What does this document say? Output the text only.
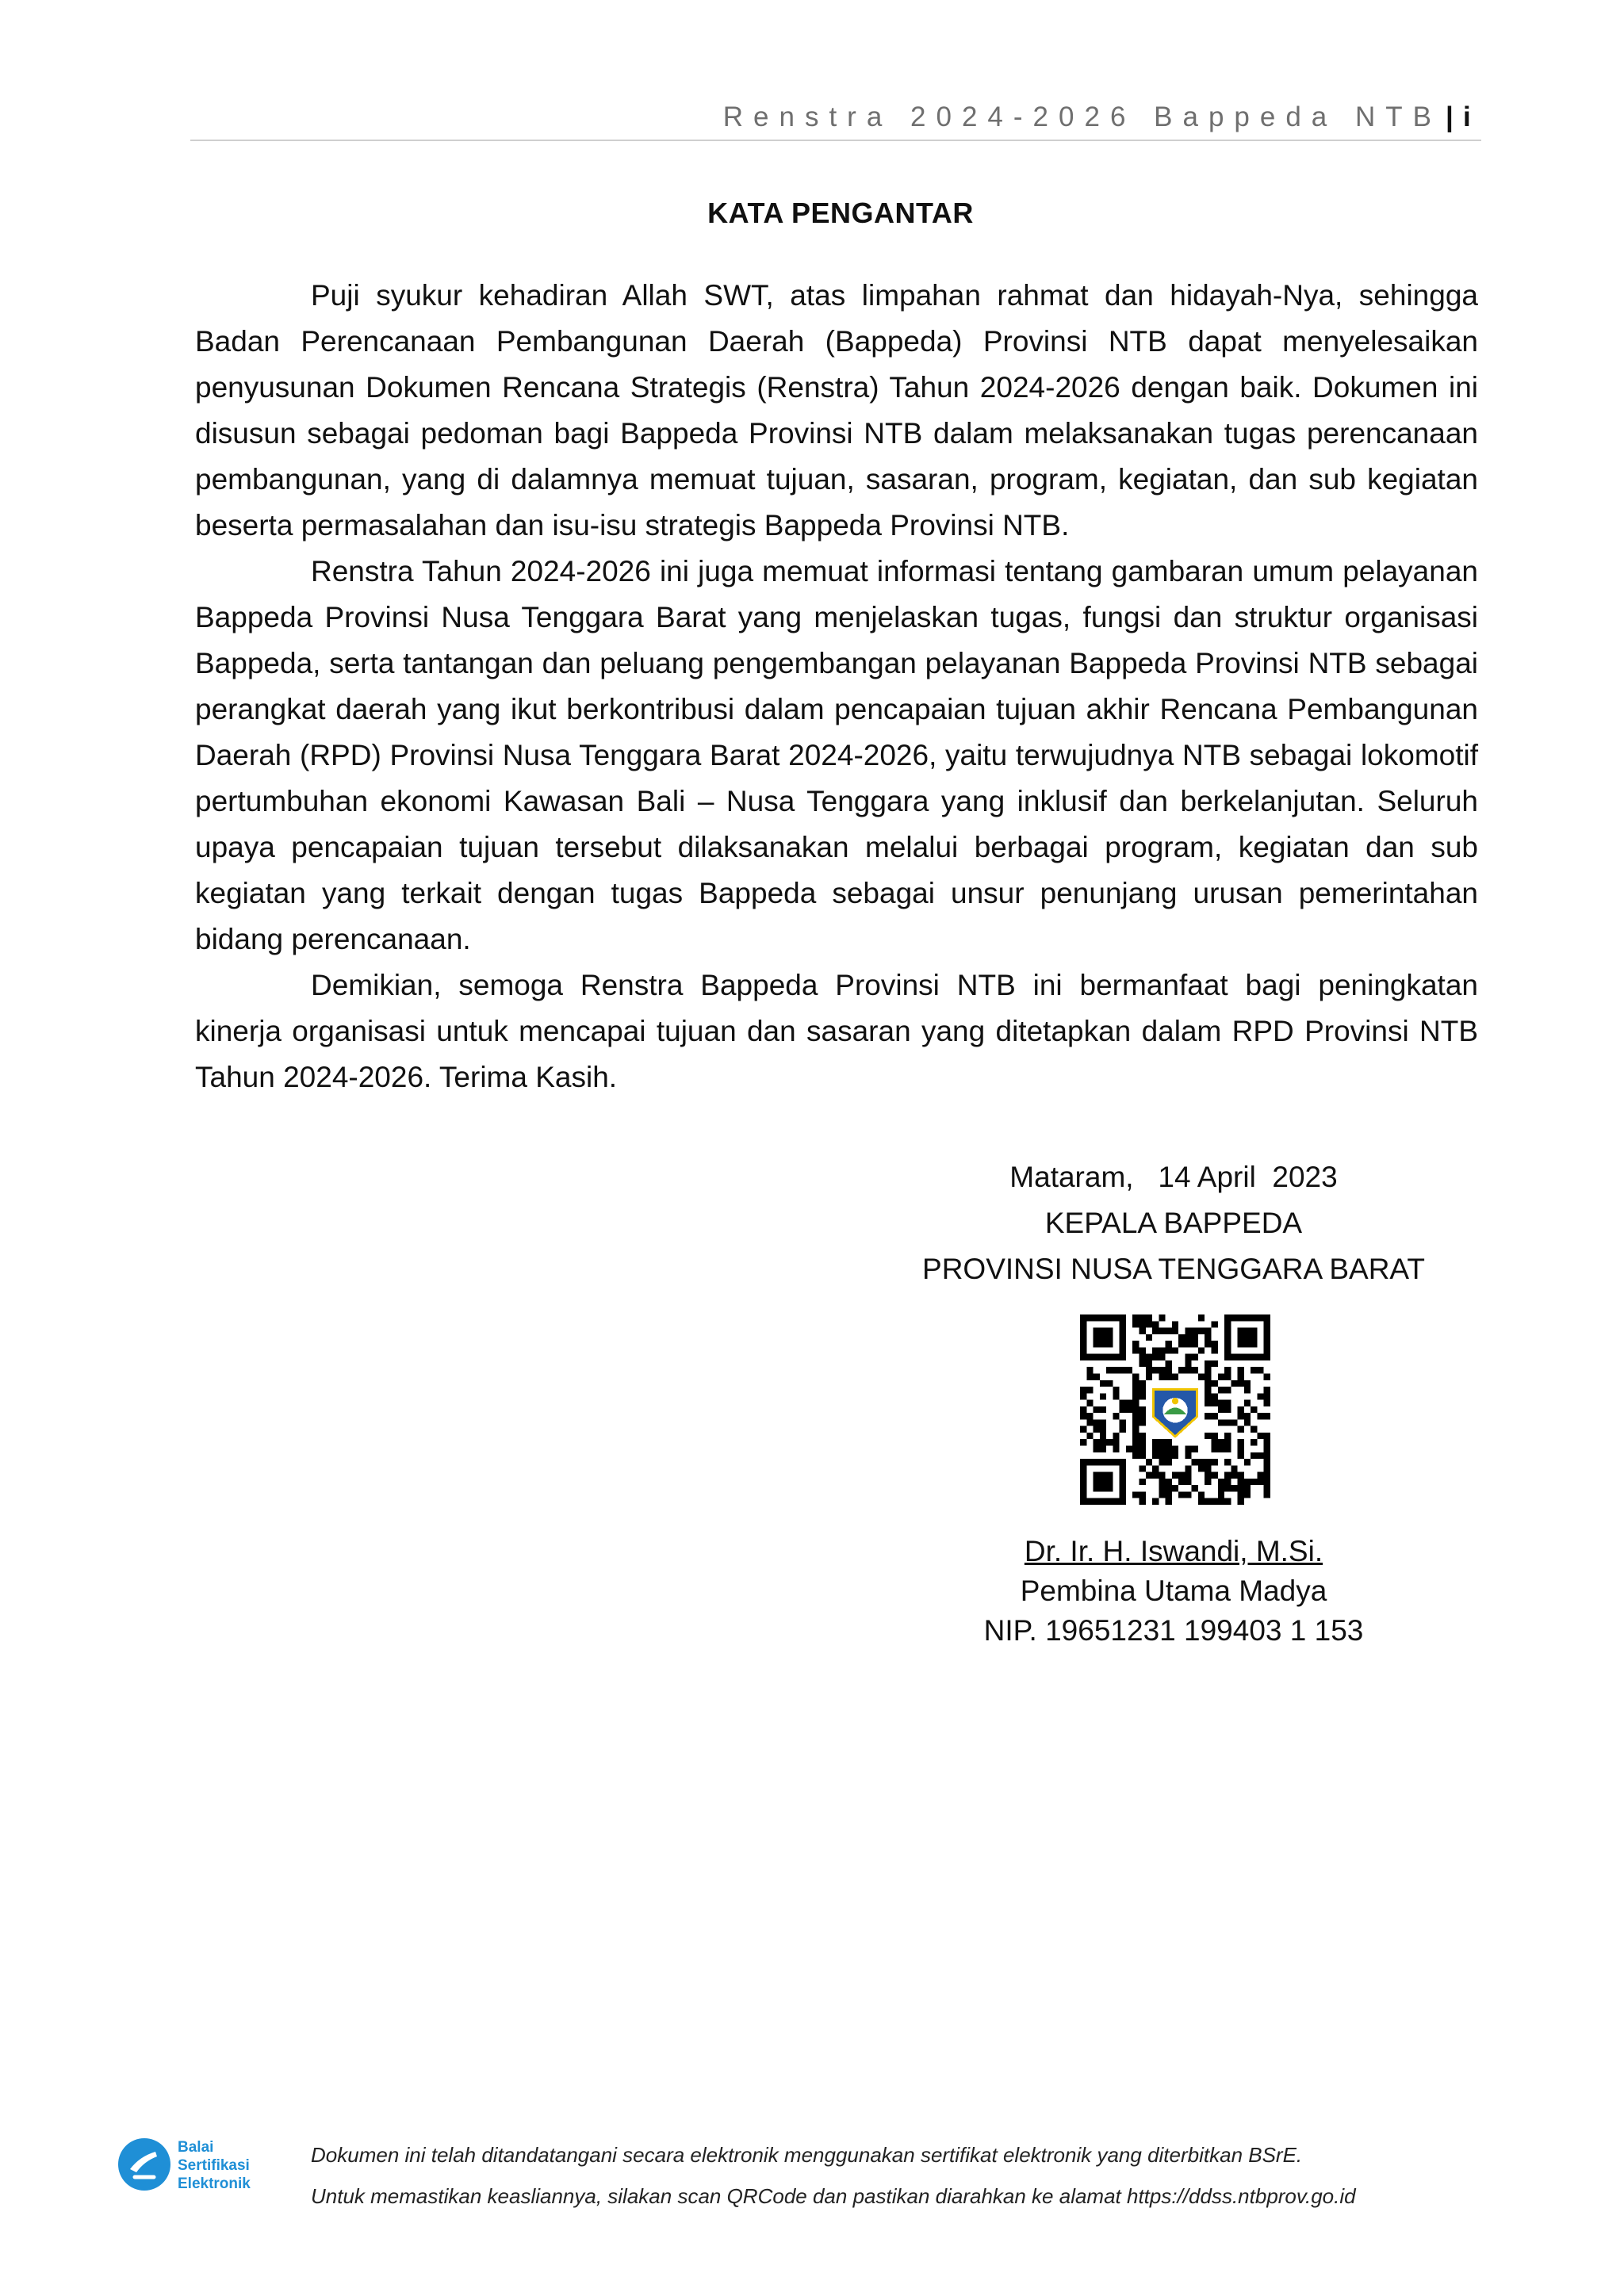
Renstra 2024-2026 Bappeda NTB | i
KATA PENGANTAR

Puji syukur kehadiran Allah SWT, atas limpahan rahmat dan hidayah-Nya, sehingga Badan Perencanaan Pembangunan Daerah (Bappeda) Provinsi NTB dapat menyelesaikan penyusunan Dokumen Rencana Strategis (Renstra) Tahun 2024-2026 dengan baik. Dokumen ini disusun sebagai pedoman bagi Bappeda Provinsi NTB dalam melaksanakan tugas perencanaan pembangunan, yang di dalamnya memuat tujuan, sasaran, program, kegiatan, dan sub kegiatan beserta permasalahan dan isu-isu strategis Bappeda Provinsi NTB.

Renstra Tahun 2024-2026 ini juga memuat informasi tentang gambaran umum pelayanan Bappeda Provinsi Nusa Tenggara Barat yang menjelaskan tugas, fungsi dan struktur organisasi Bappeda, serta tantangan dan peluang pengembangan pelayanan Bappeda Provinsi NTB sebagai perangkat daerah yang ikut berkontribusi dalam pencapaian tujuan akhir Rencana Pembangunan Daerah (RPD) Provinsi Nusa Tenggara Barat 2024-2026, yaitu terwujudnya NTB sebagai lokomotif pertumbuhan ekonomi Kawasan Bali – Nusa Tenggara yang inklusif dan berkelanjutan. Seluruh upaya pencapaian tujuan tersebut dilaksanakan melalui berbagai program, kegiatan dan sub kegiatan yang terkait dengan tugas Bappeda sebagai unsur penunjang urusan pemerintahan bidang perencanaan.

Demikian, semoga Renstra Bappeda Provinsi NTB ini bermanfaat bagi peningkatan kinerja organisasi untuk mencapai tujuan dan sasaran yang ditetapkan dalam RPD Provinsi NTB Tahun 2024-2026. Terima Kasih.

Mataram,   14 April  2023
KEPALA BAPPEDA
PROVINSI NUSA TENGGARA BARAT
Dr. Ir. H. Iswandi, M.Si.
Pembina Utama Madya
NIP. 19651231 199403 1 153
Balai
Sertifikasi
Elektronik
Dokumen ini telah ditandatangani secara elektronik menggunakan sertifikat elektronik yang diterbitkan BSrE.
Untuk memastikan keasliannya, silakan scan QRCode dan pastikan diarahkan ke alamat https://ddss.ntbprov.go.id
